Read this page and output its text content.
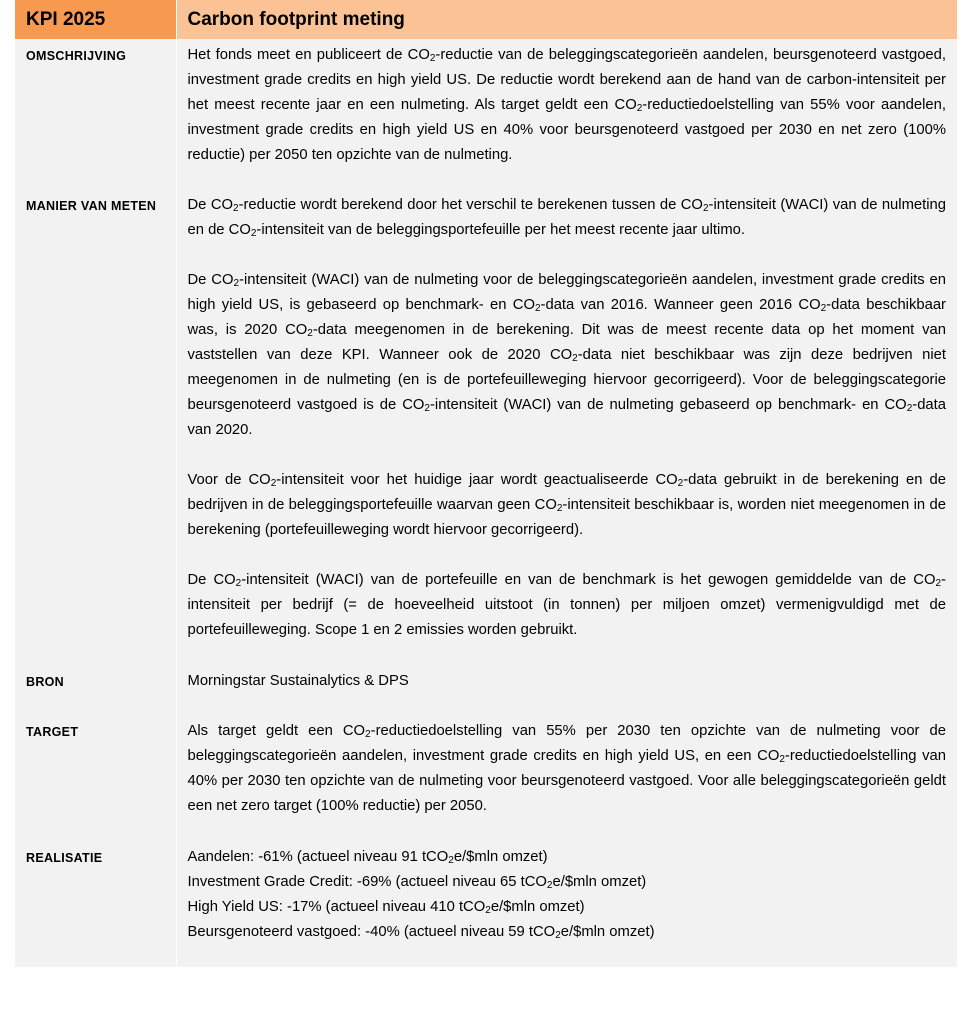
KPI 2025	Carbon footprint meting
OMSCHRIJVING	Het fonds meet en publiceert de $CO_2$-reductie van de beleggingscategorieën aandelen, beursgenoteerd vastgoed, investment grade credits en high yield US. De reductie wordt berekend aan de hand van de carbon-intensiteit per het meest recente jaar en een nulmeting. Als target geldt een $CO_2$-reductiedoelstelling van 55% voor aandelen, investment grade credits en high yield US en 40% voor beursgenoteerd vastgoed per 2030 en net zero (100% reductie) per 2050 ten opzichte van de nulmeting.

MANIER VAN METEN	De $CO_2$-reductie wordt berekend door het verschil te berekenen tussen de $CO_2$-intensiteit (WACI) van de nulmeting en de $CO_2$-intensiteit van de beleggingsportefeuille per het meest recente jaar ultimo.

De $CO_2$-intensiteit (WACI) van de nulmeting voor de beleggingscategorieën aandelen, investment grade credits en high yield US, is gebaseerd op benchmark- en $CO_2$-data van 2016. Wanneer geen 2016 $CO_2$-data beschikbaar was, is 2020 $CO_2$-data meegenomen in de berekening. Dit was de meest recente data op het moment van vaststellen van deze KPI. Wanneer ook de 2020 $CO_2$-data niet beschikbaar was zijn deze bedrijven niet meegenomen in de nulmeting (en is de portefeuilleweging hiervoor gecorrigeerd). Voor de beleggingscategorie beursgenoteerd vastgoed is de $CO_2$-intensiteit (WACI) van de nulmeting gebaseerd op benchmark- en $CO_2$-data van 2020.

Voor de $CO_2$-intensiteit voor het huidige jaar wordt geactualiseerde $CO_2$-data gebruikt in de berekening en de bedrijven in de beleggingsportefeuille waarvan geen $CO_2$-intensiteit beschikbaar is, worden niet meegenomen in de berekening (portefeuilleweging wordt hiervoor gecorrigeerd).

De $CO_2$-intensiteit (WACI) van de portefeuille en van de benchmark is het gewogen gemiddelde van de $CO_2$-intensiteit per bedrijf (= de hoeveelheid uitstoot (in tonnen) per miljoen omzet) vermenigvuldigd met de portefeuilleweging. Scope 1 en 2 emissies worden gebruikt.

BRON	Morningstar Sustainalytics & DPS

TARGET	Als target geldt een $CO_2$-reductiedoelstelling van 55% per 2030 ten opzichte van de nulmeting voor de beleggingscategorieën aandelen, investment grade credits en high yield US, en een $CO_2$-reductiedoelstelling van 40% per 2030 ten opzichte van de nulmeting voor beursgenoteerd vastgoed. Voor alle beleggingscategorieën geldt een net zero target (100% reductie) per 2050.

REALISATIE	Aandelen: -61% (actueel niveau 91 tCO$_2$e/$mln omzet)
Investment Grade Credit: -69% (actueel niveau 65 tCO$_2$e/$mln omzet)
High Yield US: -17% (actueel niveau 410 tCO$_2$e/$mln omzet)
Beursgenoteerd vastgoed: -40% (actueel niveau 59 tCO$_2$e/$mln omzet)
